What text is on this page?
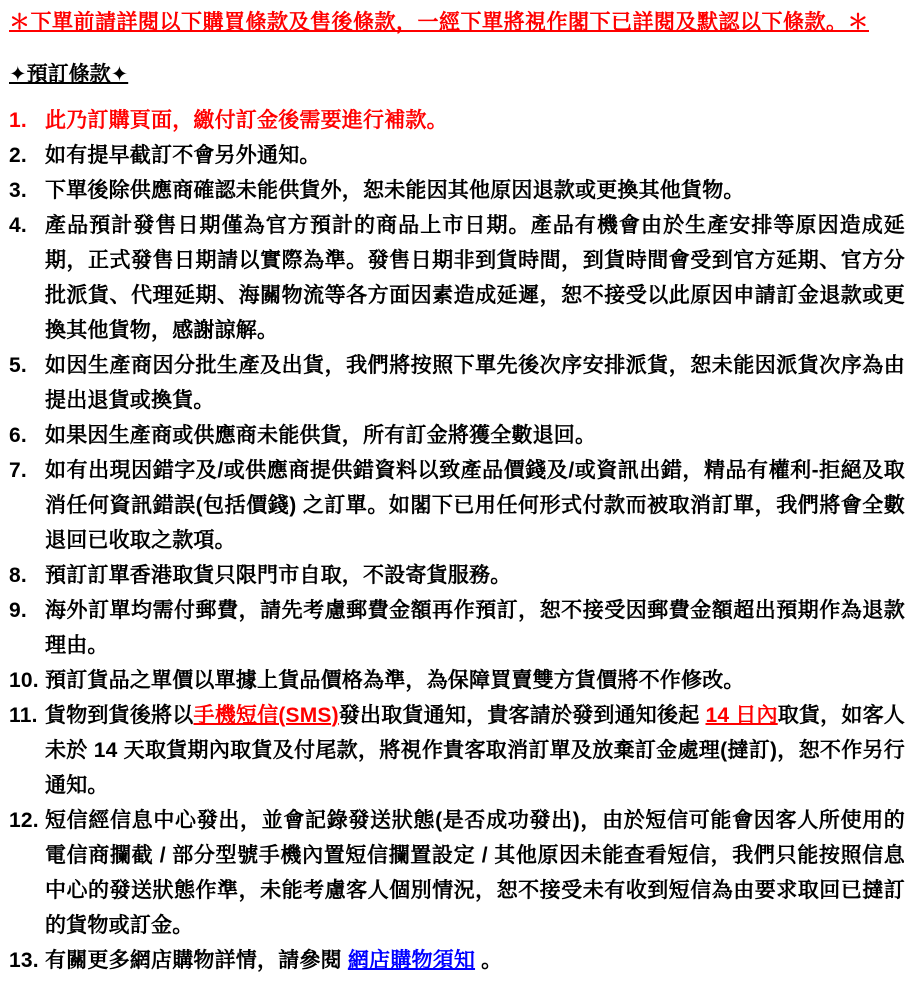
＊下單前請詳閱以下購買條款及售後條款，一經下單將視作閣下已詳閱及默認以下條款。＊

✦預訂條款✦
1. 此乃訂購頁面，繳付訂金後需要進行補款。
2. 如有提早截訂不會另外通知。
3. 下單後除供應商確認未能供貨外，恕未能因其他原因退款或更換其他貨物。
4. 產品預計發售日期僅為官方預計的商品上市日期。產品有機會由於生產安排等原因造成延期，正式發售日期請以實際為準。發售日期非到貨時間，到貨時間會受到官方延期、官方分批派貨、代理延期、海關物流等各方面因素造成延遲，恕不接受以此原因申請訂金退款或更換其他貨物，感謝諒解。
5. 如因生產商因分批生產及出貨，我們將按照下單先後次序安排派貨，恕未能因派貨次序為由提出退貨或換貨。
6. 如果因生產商或供應商未能供貨，所有訂金將獲全數退回。
7. 如有出現因錯字及/或供應商提供錯資料以致產品價錢及/或資訊出錯，精品有權利-拒絕及取消任何資訊錯誤(包括價錢) 之訂單。如閣下已用任何形式付款而被取消訂單，我們將會全數退回已收取之款項。
8. 預訂訂單香港取貨只限門市自取，不設寄貨服務。
9. 海外訂單均需付郵費，請先考慮郵費金額再作預訂，恕不接受因郵費金額超出預期作為退款理由。
10. 預訂貨品之單價以單據上貨品價格為準，為保障買賣雙方貨價將不作修改。
11. 貨物到貨後將以手機短信(SMS)發出取貨通知，貴客請於發到通知後起 14 日內取貨，如客人未於 14 天取貨期內取貨及付尾款，將視作貴客取消訂單及放棄訂金處理(撻訂)，恕不作另行通知。
12. 短信經信息中心發出，並會記錄發送狀態(是否成功發出)，由於短信可能會因客人所使用的電信商攔截 / 部分型號手機內置短信攔置設定 / 其他原因未能查看短信，我們只能按照信息中心的發送狀態作準，未能考慮客人個別情況，恕不接受未有收到短信為由要求取回已撻訂的貨物或訂金。
13. 有關更多網店購物詳情，請參閱 網店購物須知 。
